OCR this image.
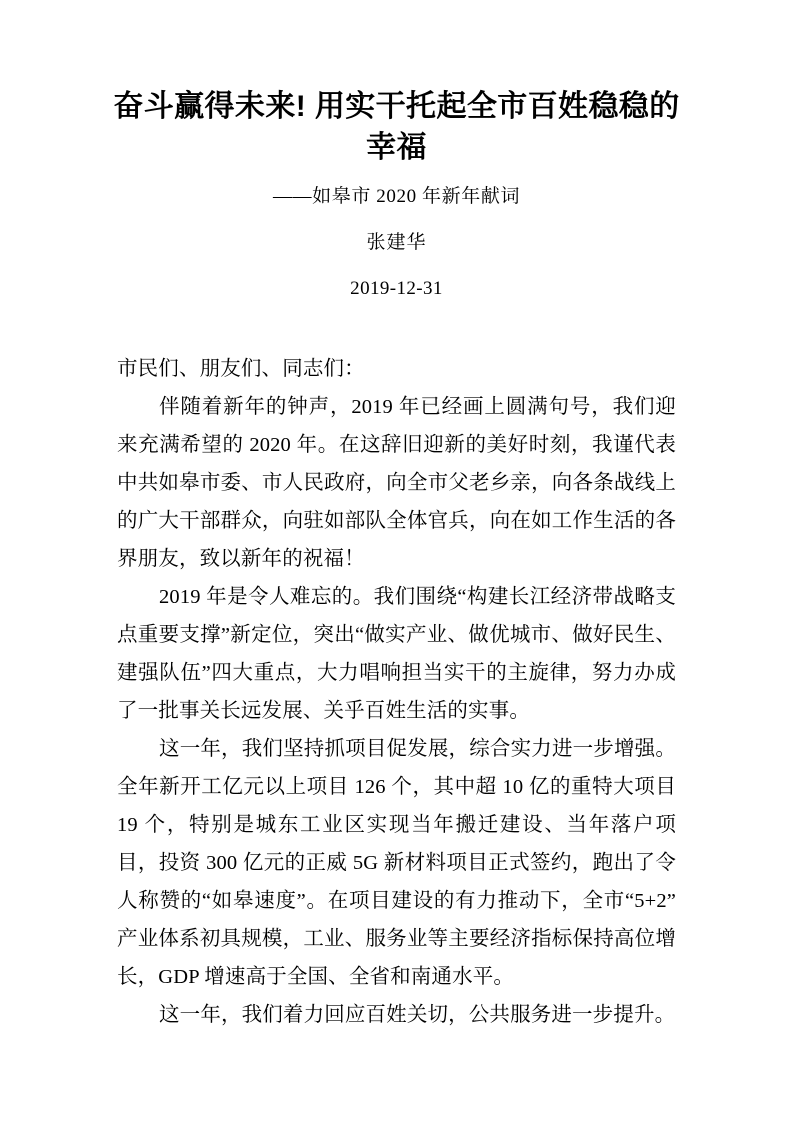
奋斗赢得未来! 用实干托起全市百姓稳稳的
幸福

——如皋市 2020 年新年献词

张建华

2019-12-31

市民们、朋友们、同志们：

伴随着新年的钟声，2019 年已经画上圆满句号，我们迎来充满希望的 2020 年。在这辞旧迎新的美好时刻，我谨代表中共如皋市委、市人民政府，向全市父老乡亲，向各条战线上的广大干部群众，向驻如部队全体官兵，向在如工作生活的各界朋友，致以新年的祝福！

2019 年是令人难忘的。我们围绕“构建长江经济带战略支点重要支撑”新定位，突出“做实产业、做优城市、做好民生、建强队伍”四大重点，大力唱响担当实干的主旋律，努力办成了一批事关长远发展、关乎百姓生活的实事。

这一年，我们坚持抓项目促发展，综合实力进一步增强。全年新开工亿元以上项目 126 个，其中超 10 亿的重特大项目 19 个，特别是城东工业区实现当年搬迁建设、当年落户项目，投资 300 亿元的正威 5G 新材料项目正式签约，跑出了令人称赞的“如皋速度”。在项目建设的有力推动下，全市“5+2”产业体系初具规模，工业、服务业等主要经济指标保持高位增长，GDP 增速高于全国、全省和南通水平。

这一年，我们着力回应百姓关切，公共服务进一步提升。
